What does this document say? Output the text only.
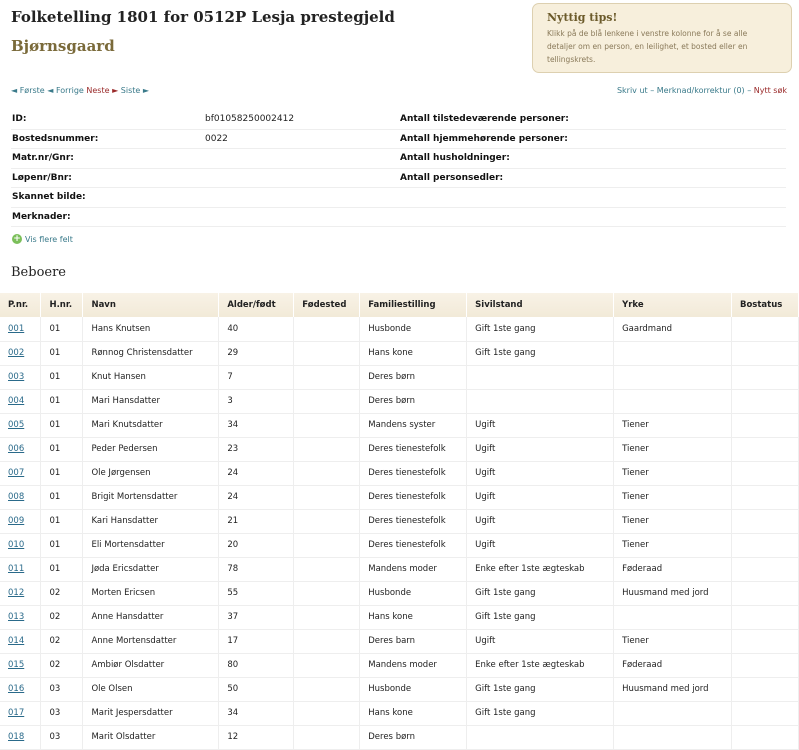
Folketelling 1801 for 0512P Lesja prestegjeld
Bjørnsgaard
Nyttig tips!

Klikk på de blå lenkene i venstre kolonne for å se alle detaljer om en person, en leilighet, et bosted eller en tellingskrets.

◄ Første ◄ Forrige Neste ► Siste ►	Skriv ut – Merknad/korrektur (0) – Nytt søk
ID:	bf01058250002412	Antall tilstedeværende personer:
Bostedsnummer:	0022	Antall hjemmehørende personer:
Matr.nr/Gnr:	Antall husholdninger:
Løpenr/Bnr:	Antall personsedler:
Skannet bilde:
Merknader:
+ Vis flere felt
Beboere
P.nr.	H.nr.	Navn	Alder/født	Fødested	Familiestilling	Sivilstand	Yrke	Bostatus
001	01	Hans Knutsen	40		Husbonde	Gift 1ste gang	Gaardmand	
002	01	Rønnog Christensdatter	29		Hans kone	Gift 1ste gang		
003	01	Knut Hansen	7		Deres børn			
004	01	Mari Hansdatter	3		Deres børn			
005	01	Mari Knutsdatter	34		Mandens syster	Ugift	Tiener	
006	01	Peder Pedersen	23		Deres tienestefolk	Ugift	Tiener	
007	01	Ole Jørgensen	24		Deres tienestefolk	Ugift	Tiener	
008	01	Brigit Mortensdatter	24		Deres tienestefolk	Ugift	Tiener	
009	01	Kari Hansdatter	21		Deres tienestefolk	Ugift	Tiener	
010	01	Eli Mortensdatter	20		Deres tienestefolk	Ugift	Tiener	
011	01	Jøda Ericsdatter	78		Mandens moder	Enke efter 1ste ægteskab	Føderaad	
012	02	Morten Ericsen	55		Husbonde	Gift 1ste gang	Huusmand med jord	
013	02	Anne Hansdatter	37		Hans kone	Gift 1ste gang		
014	02	Anne Mortensdatter	17		Deres barn	Ugift	Tiener	
015	02	Ambiør Olsdatter	80		Mandens moder	Enke efter 1ste ægteskab	Føderaad	
016	03	Ole Olsen	50		Husbonde	Gift 1ste gang	Huusmand med jord	
017	03	Marit Jespersdatter	34		Hans kone	Gift 1ste gang		
018	03	Marit Olsdatter	12		Deres børn			
